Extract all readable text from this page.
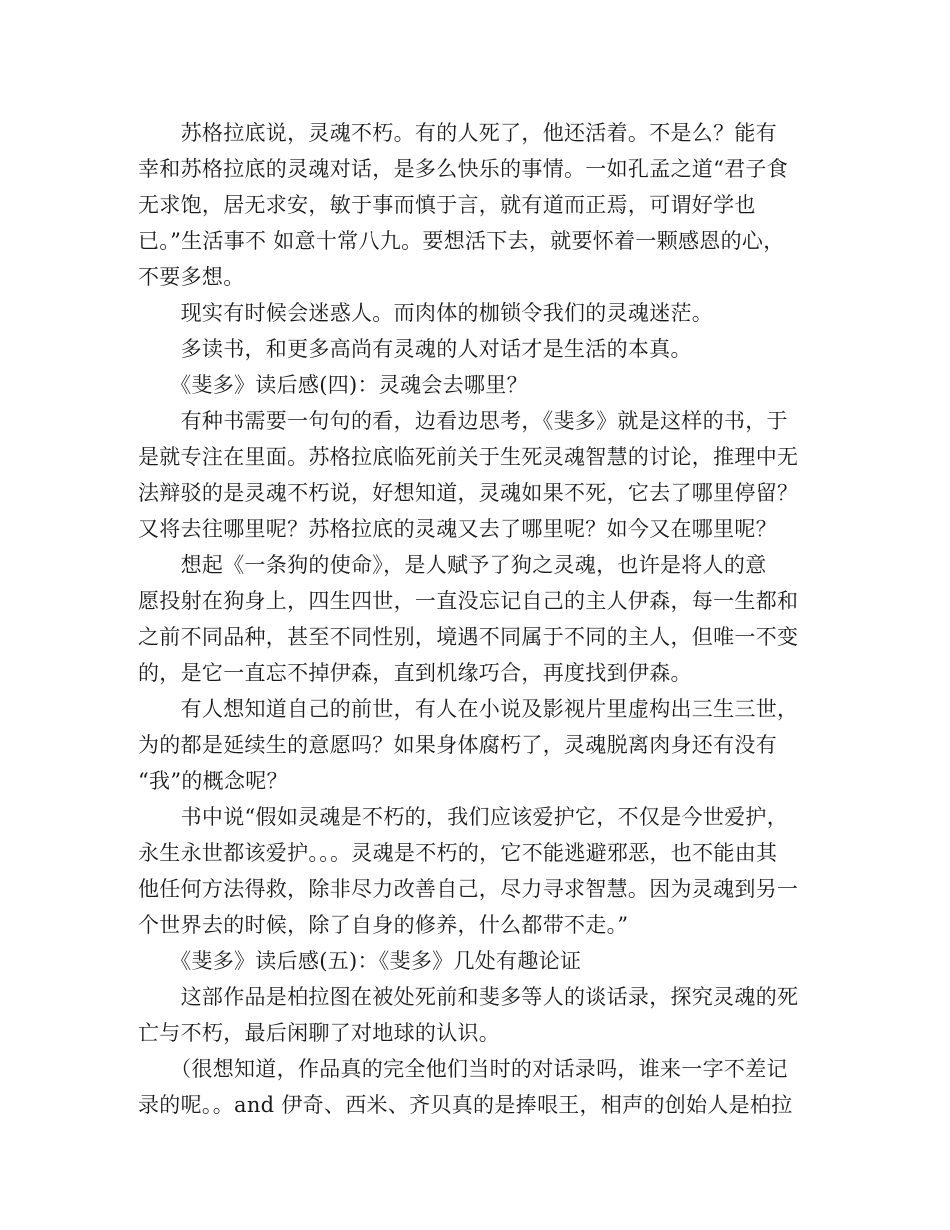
　　苏格拉底说，灵魂不朽。有的人死了，他还活着。不是么？能有
幸和苏格拉底的灵魂对话，是多么快乐的事情。一如孔孟之道“君子食
无求饱，居无求安，敏于事而慎于言，就有道而正焉，可谓好学也
已。”生活事不 如意十常八九。要想活下去，就要怀着一颗感恩的心，
不要多想。
　　现实有时候会迷惑人。而肉体的枷锁令我们的灵魂迷茫。
　　多读书，和更多高尚有灵魂的人对话才是生活的本真。
　　《斐多》读后感(四)：灵魂会去哪里？
　　有种书需要一句句的看，边看边思考，《斐多》就是这样的书，于
是就专注在里面。苏格拉底临死前关于生死灵魂智慧的讨论，推理中无
法辩驳的是灵魂不朽说，好想知道，灵魂如果不死，它去了哪里停留？
又将去往哪里呢？苏格拉底的灵魂又去了哪里呢？如今又在哪里呢？
　　想起《一条狗的使命》，是人赋予了狗之灵魂，也许是将人的意
愿投射在狗身上，四生四世，一直没忘记自己的主人伊森，每一生都和
之前不同品种，甚至不同性别，境遇不同属于不同的主人，但唯一不变
的，是它一直忘不掉伊森，直到机缘巧合，再度找到伊森。
　　有人想知道自己的前世，有人在小说及影视片里虚构出三生三世，
为的都是延续生的意愿吗？如果身体腐朽了，灵魂脱离肉身还有没有
“我”的概念呢？
　　书中说“假如灵魂是不朽的，我们应该爱护它，不仅是今世爱护，
永生永世都该爱护。。。灵魂是不朽的，它不能逃避邪恶，也不能由其
他任何方法得救，除非尽力改善自己，尽力寻求智慧。因为灵魂到另一
个世界去的时候，除了自身的修养，什么都带不走。”
　　《斐多》读后感(五)：《斐多》几处有趣论证
　　这部作品是柏拉图在被处死前和斐多等人的谈话录，探究灵魂的死
亡与不朽，最后闲聊了对地球的认识。
　　（很想知道，作品真的完全他们当时的对话录吗，谁来一字不差记
录的呢。。and 伊奇、西米、齐贝真的是捧哏王，相声的创始人是柏拉
